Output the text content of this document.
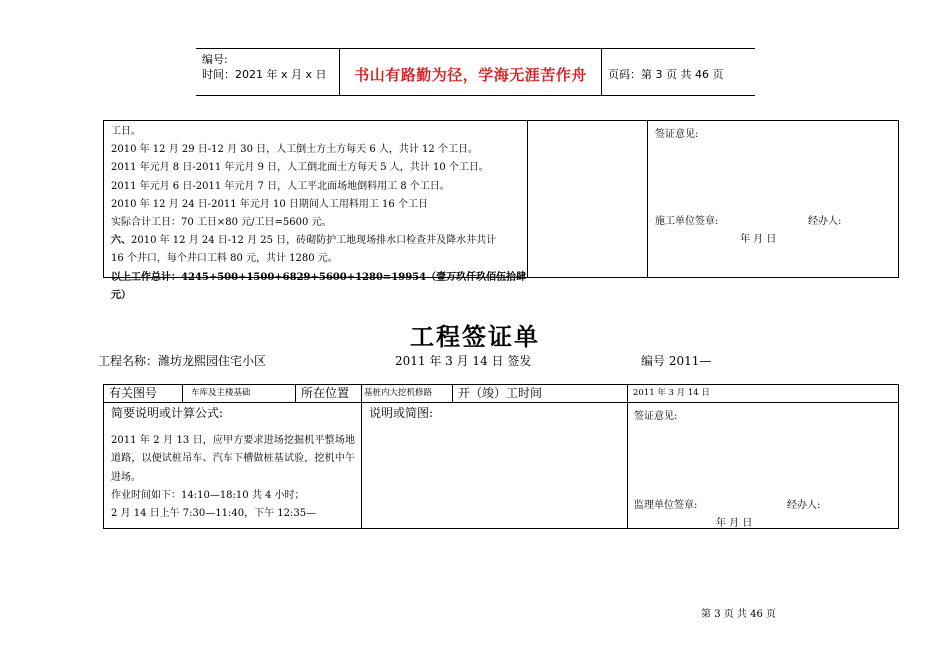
编号:
时间：2021 年 x 月 x 日	书山有路勤为径，学海无涯苦作舟	页码：第 3 页 共 46 页
工日。
2010 年 12 月 29 日-12 月 30 日，人工倒土方土方每天 6 人，共计 12 个工日。
2011 年元月 8 日-2011 年元月 9 日，人工倒北面土方每天 5 人，共计 10 个工日。
2011 年元月 6 日-2011 年元月 7 日，人工平北面场地倒料用工 8 个工日。
2010 年 12 月 24 日-2011 年元月 10 日期间人工用料用工 16 个工日
实际合计工日：70 工日×80 元/工日=5600 元。
六、2010 年 12 月 24 日-12 月 25 日，砖砌防护工地现场排水口检查井及降水井共计
16 个井口，每个井口工料 80 元，共计 1280 元。
以上工作总计：4245+500+1500+6829+5600+1280=19954（壹万玖仟玖佰伍拾肆元）
签证意见:
施工单位签章:	经办人:
年 月 日
工程签证单
工程名称：潍坊龙熙园住宅小区	2011 年 3 月 14 日 签发	编号 2011—
有关图号	车库及主楼基础	所在位置	基桩内大挖机修路	开（竣）工时间	2011 年 3 月 14 日
简要说明或计算公式:
2011 年 2 月 13 日，应甲方要求进场挖掘机平整场地道路，以便试桩吊车、汽车下槽做桩基试验，挖机中午进场。
作业时间如下：14:10—18:10 共 4 小时；
2 月 14 日上午 7:30—11:40，下午 12:35—
说明或简图:	签证意见:
监理单位签章:	经办人:
年 月 日
第 3 页 共 46 页
